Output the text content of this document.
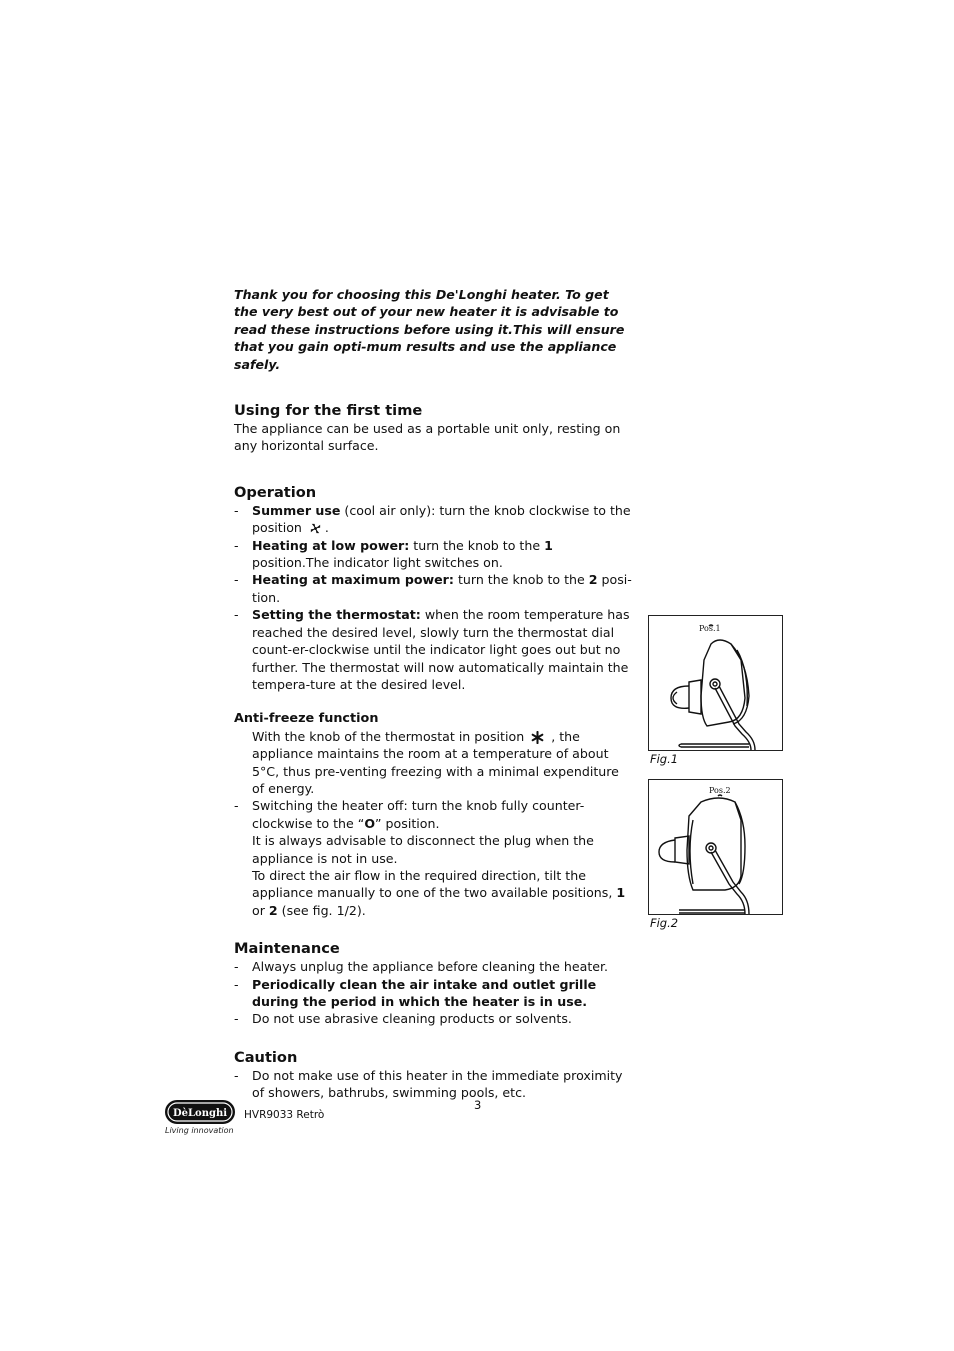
Thank you for choosing this De'Longhi heater. To get the very best out of your new heater it is advisable to read these instructions before using it.This will ensure that you gain opti-mum results and use the appliance safely.

Using for the first time

The appliance can be used as a portable unit only, resting on any horizontal surface.

Operation
- Summer use (cool air only): turn the knob clockwise to the position .
- Heating at low power: turn the knob to the 1 position.The indicator light switches on.
- Heating at maximum power: turn the knob to the 2 posi-tion.
- Setting the thermostat: when the room temperature has reached the desired level, slowly turn the thermostat dial count-er-clockwise until the indicator light goes out but no further. The thermostat will now automatically maintain the tempera-ture at the desired level.
Anti-freeze function

With the knob of the thermostat in position  , the appliance maintains the room at a temperature of about 5°C, thus pre-venting freezing with a minimal expenditure of energy.

- Switching the heater off: turn the knob fully counter-clockwise to the “O” position.
It is always advisable to disconnect the plug when the appliance is not in use.
To direct the air flow in the required direction, tilt the appliance manually to one of the two available positions, 1 or 2 (see fig. 1/2).
Maintenance
- Always unplug the appliance before cleaning the heater.
- Periodically clean the air intake and outlet grille during the period in which the heater is in use.
- Do not use abrasive cleaning products or solvents.
Caution
- Do not make use of this heater in the immediate proximity of showers, bathrubs, swimming pools, etc.
Pos.1
Fig.1
Pos.2
Fig.2
DèLonghi
Living innovation
HVR9033 Retrò
3
